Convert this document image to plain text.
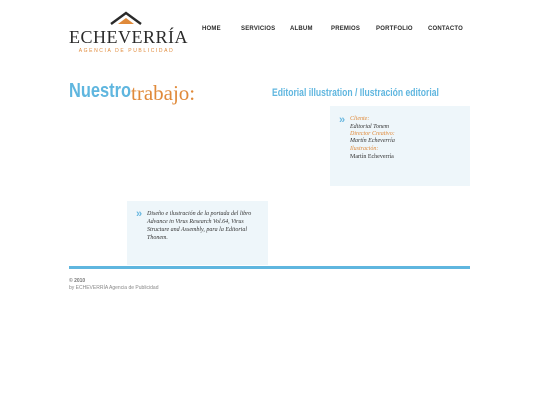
ECHEVERRÍA
AGENCIA DE PUBLICIDAD
HOME	SERVICIOS ALBUM	PREMIOS	PORTFOLIO	CONTACTO
Nuestro trabajo:	Editorial illustration / Ilustración editorial
» Cliente:
Editorial Tonem
Director Creativo:
Martín Echeverría
Ilustración:
Martín Echeverría
» Diseño e ilustración de la portada del libro Advance in Virus Research Vol.64, Virus Structure and Assembly, para la Editorial Thonem.
© 2010
by ECHEVERRÍA Agencia de Publicidad
